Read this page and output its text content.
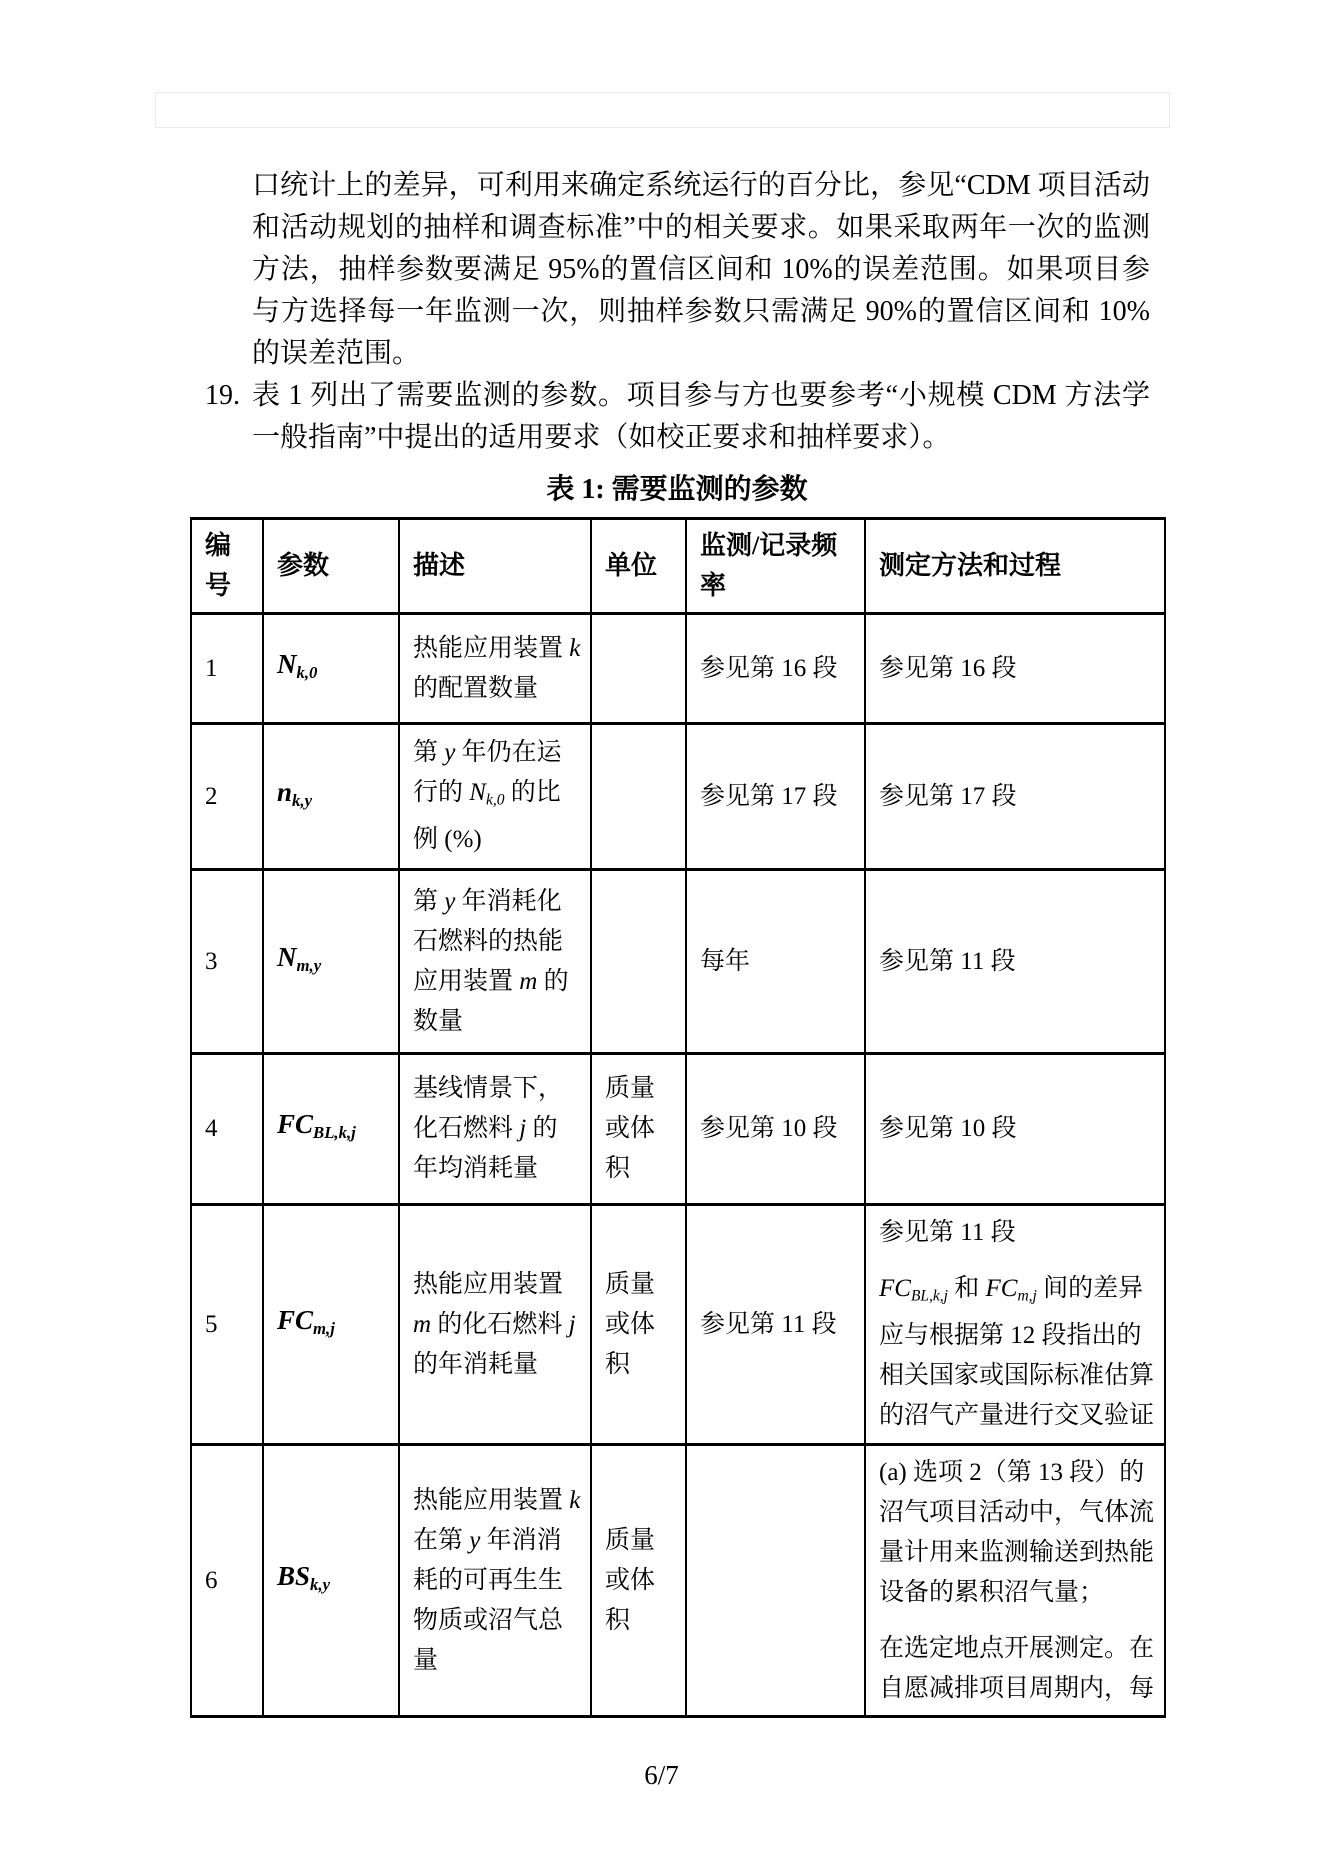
口统计上的差异，可利用来确定系统运行的百分比，参见“CDM 项目活动和活动规划的抽样和调查标准”中的相关要求。如果采取两年一次的监测方法，抽样参数要满足 95%的置信区间和 10%的误差范围。如果项目参与方选择每一年监测一次，则抽样参数只需满足 90%的置信区间和 10%的误差范围。

19. 表 1 列出了需要监测的参数。项目参与方也要参考“小规模 CDM 方法学一般指南”中提出的适用要求（如校正要求和抽样要求）。

表 1: 需要监测的参数
编号	参数	描述	单位	监测/记录频率	测定方法和过程
1	$N_{k,0}$	热能应用装置 k 的配置数量		参见第 16 段	参见第 16 段

2	$n_{k,y}$	第 y 年仍在运行的 $N_{k,0}$ 的比例 (%)		参见第 17 段	参见第 17 段

3	$N_{m,y}$	第 y 年消耗化石燃料的热能应用装置 m 的数量		每年	参见第 11 段

4	$FC_{BL,k,j}$	基线情景下，化石燃料 j 的年均消耗量	质量或体积	参见第 10 段	参见第 10 段

5	$FC_{m,j}$	热能应用装置 m 的化石燃料 j 的年消耗量	质量或体积	参见第 11 段	参见第 11 段
$FC_{BL,k,j}$ 和 $FC_{m,j}$ 间的差异应与根据第 12 段指出的相关国家或国际标准估算的沼气产量进行交叉验证

6	$BS_{k,y}$	热能应用装置 k 在第 y 年消消耗的可再生生物质或沼气总量	质量或体积		(a) 选项 2（第 13 段）的沼气项目活动中，气体流量计用来监测输送到热能设备的累积沼气量；
在选定地点开展测定。在自愿减排项目周期内，每
6/7
